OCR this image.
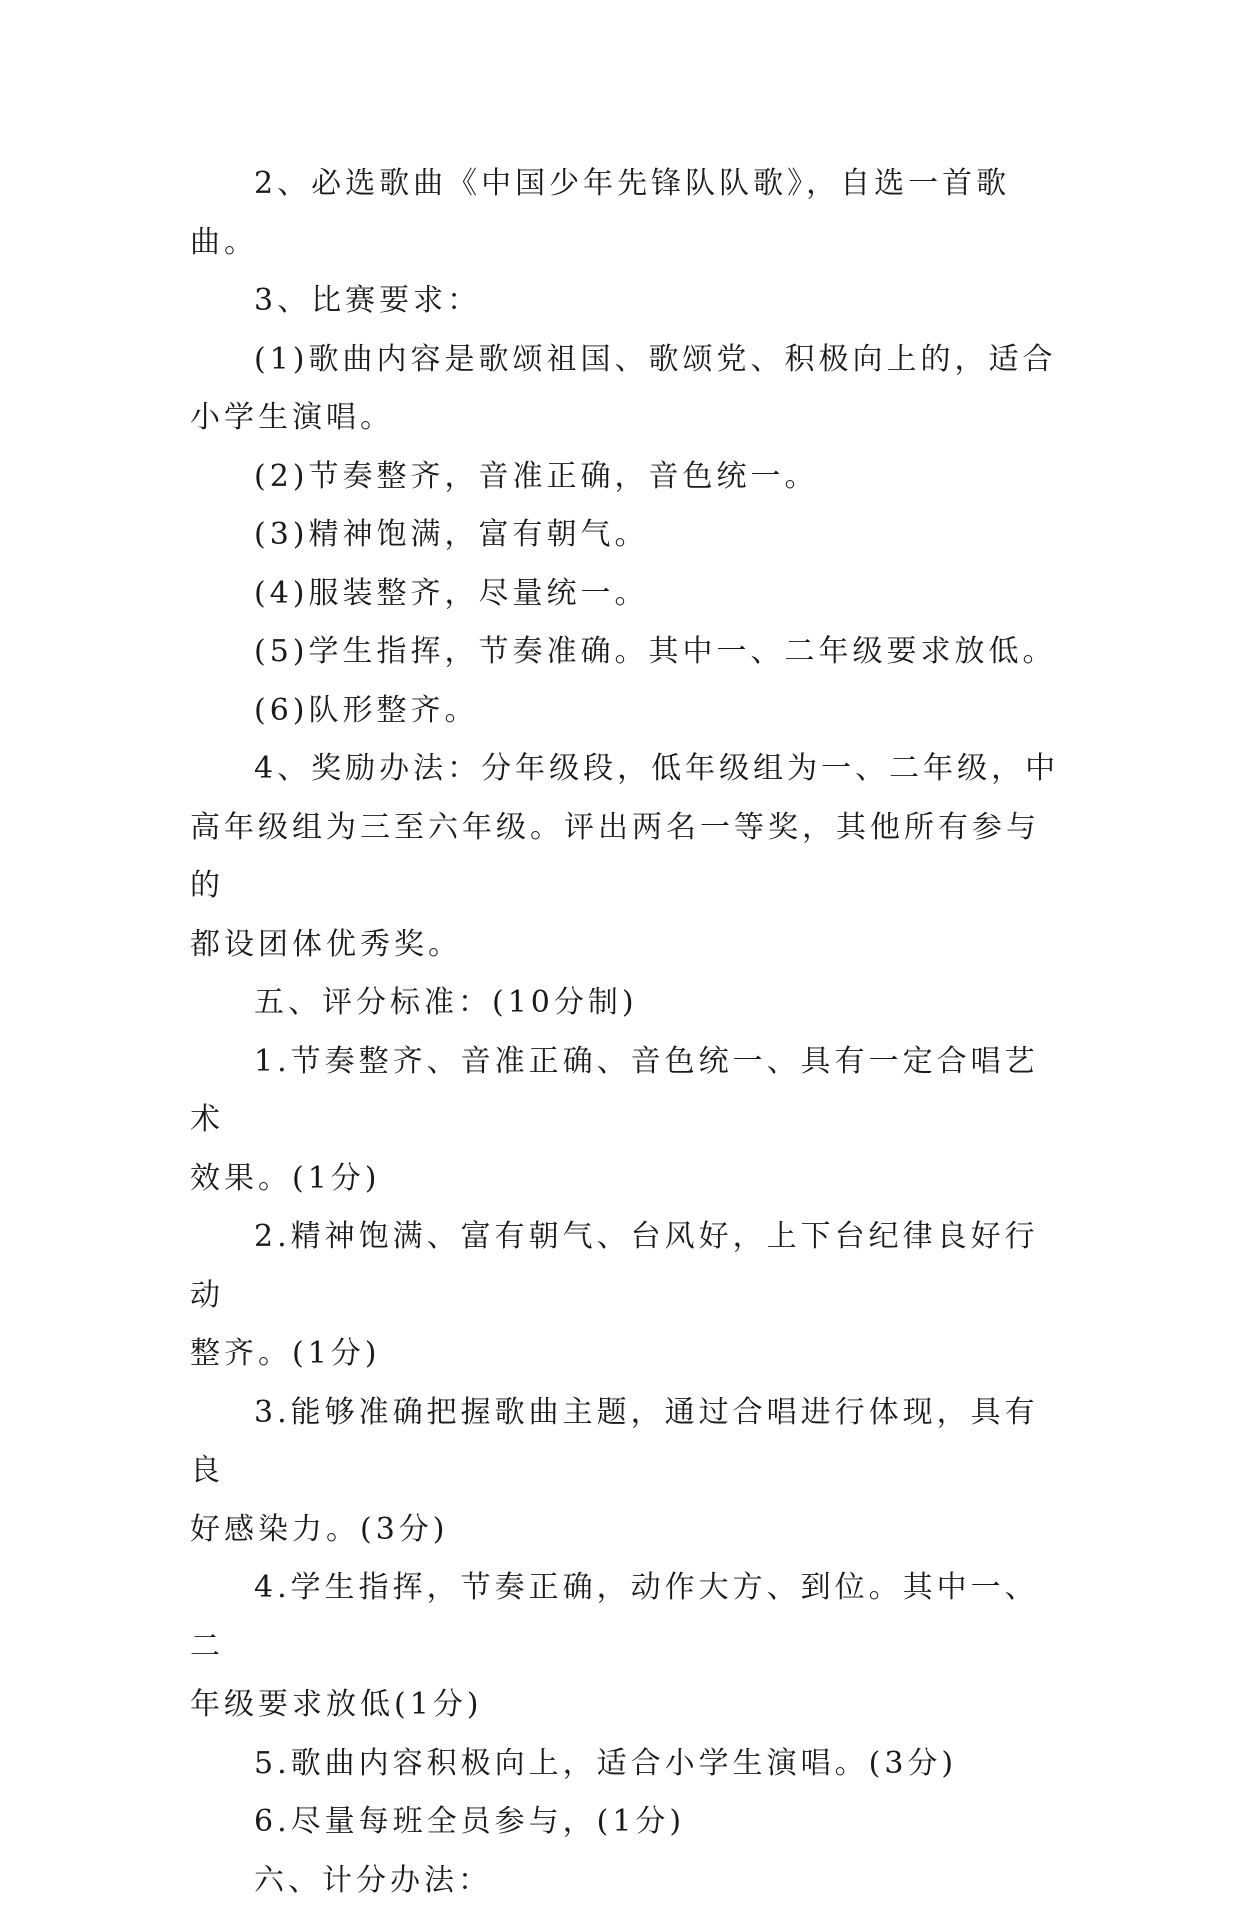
2、必选歌曲《中国少年先锋队队歌》，自选一首歌曲。

3、比赛要求：

(1)歌曲内容是歌颂祖国、歌颂党、积极向上的，适合
小学生演唱。

(2)节奏整齐，音准正确，音色统一。

(3)精神饱满，富有朝气。

(4)服装整齐，尽量统一。

(5)学生指挥，节奏准确。其中一、二年级要求放低。

(6)队形整齐。

4、奖励办法：分年级段，低年级组为一、二年级，中
高年级组为三至六年级。评出两名一等奖，其他所有参与的
都设团体优秀奖。

五、评分标准：(10分制)

1.节奏整齐、音准正确、音色统一、具有一定合唱艺术
效果。(1分)

2.精神饱满、富有朝气、台风好，上下台纪律良好行动
整齐。(1分)

3.能够准确把握歌曲主题，通过合唱进行体现，具有良
好感染力。(3分)

4.学生指挥，节奏正确，动作大方、到位。其中一、二
年级要求放低(1分)

5.歌曲内容积极向上，适合小学生演唱。(3分)

6.尽量每班全员参与，(1分)

六、计分办法：
